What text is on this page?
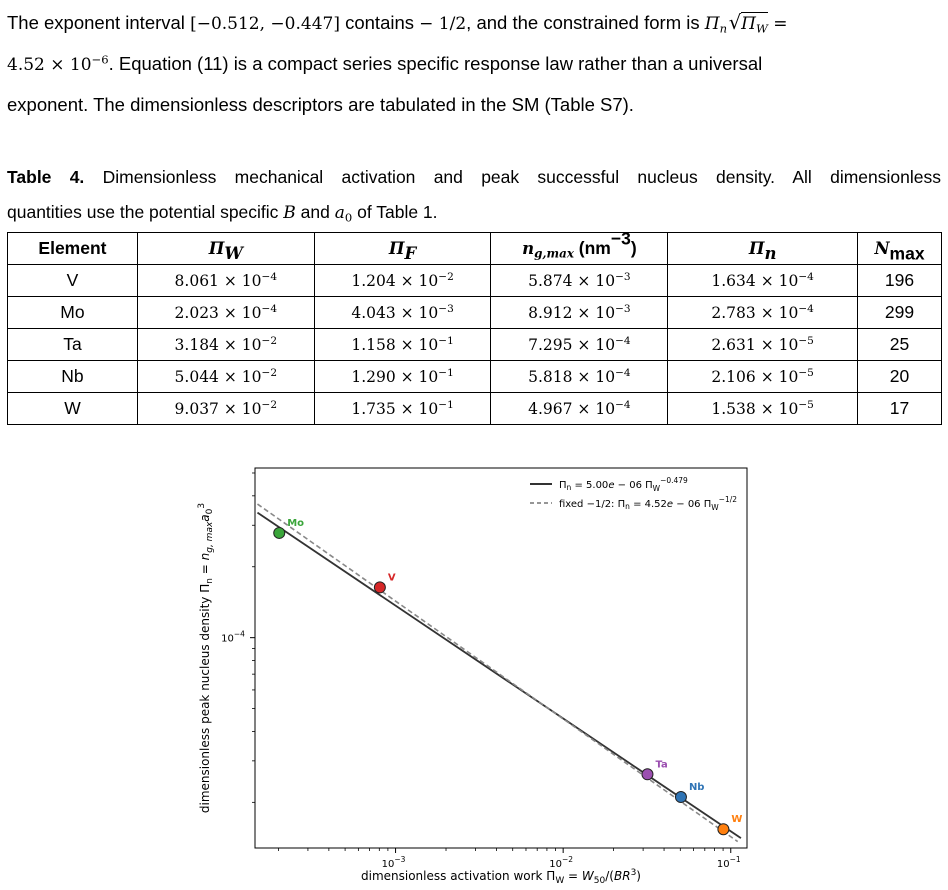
The exponent interval [−0.512, −0.447] contains − 1/2, and the constrained form is $\Pi_n$ $√\Pi_W$ =
$4.52 \times 10^{-6}$. Equation (11) is a compact series specific response law rather than a universal
exponent. The dimensionless descriptors are tabulated in the SM (Table S7).
Table 4. Dimensionless mechanical activation and peak successful nucleus density. All dimensionless
quantities use the potential specific B and $a_0$ of Table 1.
Element	$\Pi_W$	$\Pi_F$	$n_{g,max}$ $(nm^{-3})$	$\Pi_n$	$N_{max}$
V	$8.061 \times 10^{-4}$	$1.204 \times 10^{-2}$	$5.874 \times 10^{-3}$	$1.634 \times 10^{-4}$	196
Mo	$2.023 \times 10^{-4}$	$4.043 \times 10^{-3}$	$8.912 \times 10^{-3}$	$2.783 \times 10^{-4}$	299
Ta	$3.184 \times 10^{-2}$	$1.158 \times 10^{-1}$	$7.295 \times 10^{-4}$	$2.631 \times 10^{-5}$	25
Nb	$5.044 \times 10^{-2}$	$1.290 \times 10^{-1}$	$5.818 \times 10^{-4}$	$2.106 \times 10^{-5}$	20
W	$9.037 \times 10^{-2}$	$1.735 \times 10^{-1}$	$4.967 \times 10^{-4}$	$1.538 \times 10^{-5}$	17
$10^{-3}$	$10^{-2}$	$10^{-1}$
$10^{-4}$
Mo
V
Ta
Nb
W
$\Pi_n = 5.00e - 06$ $\Pi_W^{-0.479}$
fixed −1/2: $\Pi_n = 4.52e - 06$ $\Pi_W^{-1/2}$
dimensionless activation work $\Pi_W = W_{50}/(BR^3)$
dimensionless peak nucleus density $\Pi_n = n_{g, max}a_0^3$
